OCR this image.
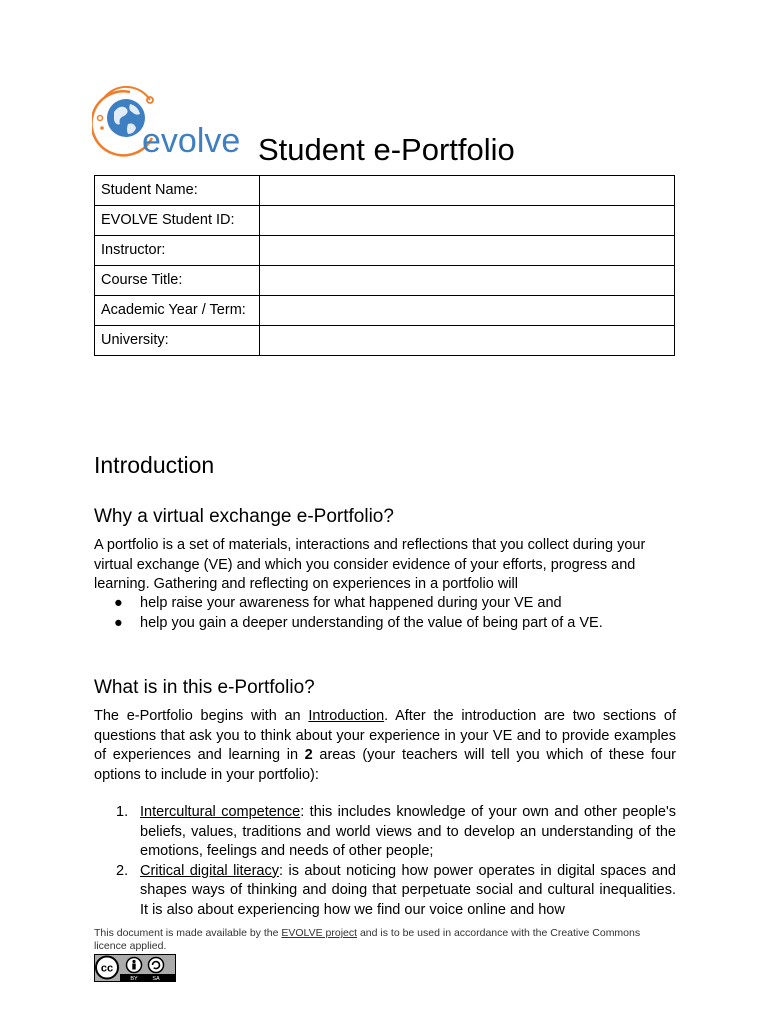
evolve Student e-Portfolio
Student Name:	
EVOLVE Student ID:	
Instructor:	
Course Title:	
Academic Year / Term:	
University:	
Introduction
Why a virtual exchange e-Portfolio?

A portfolio is a set of materials, interactions and reflections that you collect during your virtual exchange (VE) and which you consider evidence of your efforts, progress and learning. Gathering and reflecting on experiences in a portfolio will

● help raise your awareness for what happened during your VE and
● help you gain a deeper understanding of the value of being part of a VE.
What is in this e-Portfolio?

The e-Portfolio begins with an Introduction. After the introduction are two sections of questions that ask you to think about your experience in your VE and to provide examples of experiences and learning in 2 areas (your teachers will tell you which of these four options to include in your portfolio):

1. Intercultural competence: this includes knowledge of your own and other people's beliefs, values, traditions and world views and to develop an understanding of the emotions, feelings and needs of other people;
2. Critical digital literacy: is about noticing how power operates in digital spaces and shapes ways of thinking and doing that perpetuate social and cultural inequalities. It is also about experiencing how we find our voice online and how
This document is made available by the EVOLVE project and is to be used in accordance with the Creative Commons licence applied.
cc
BY	SA
